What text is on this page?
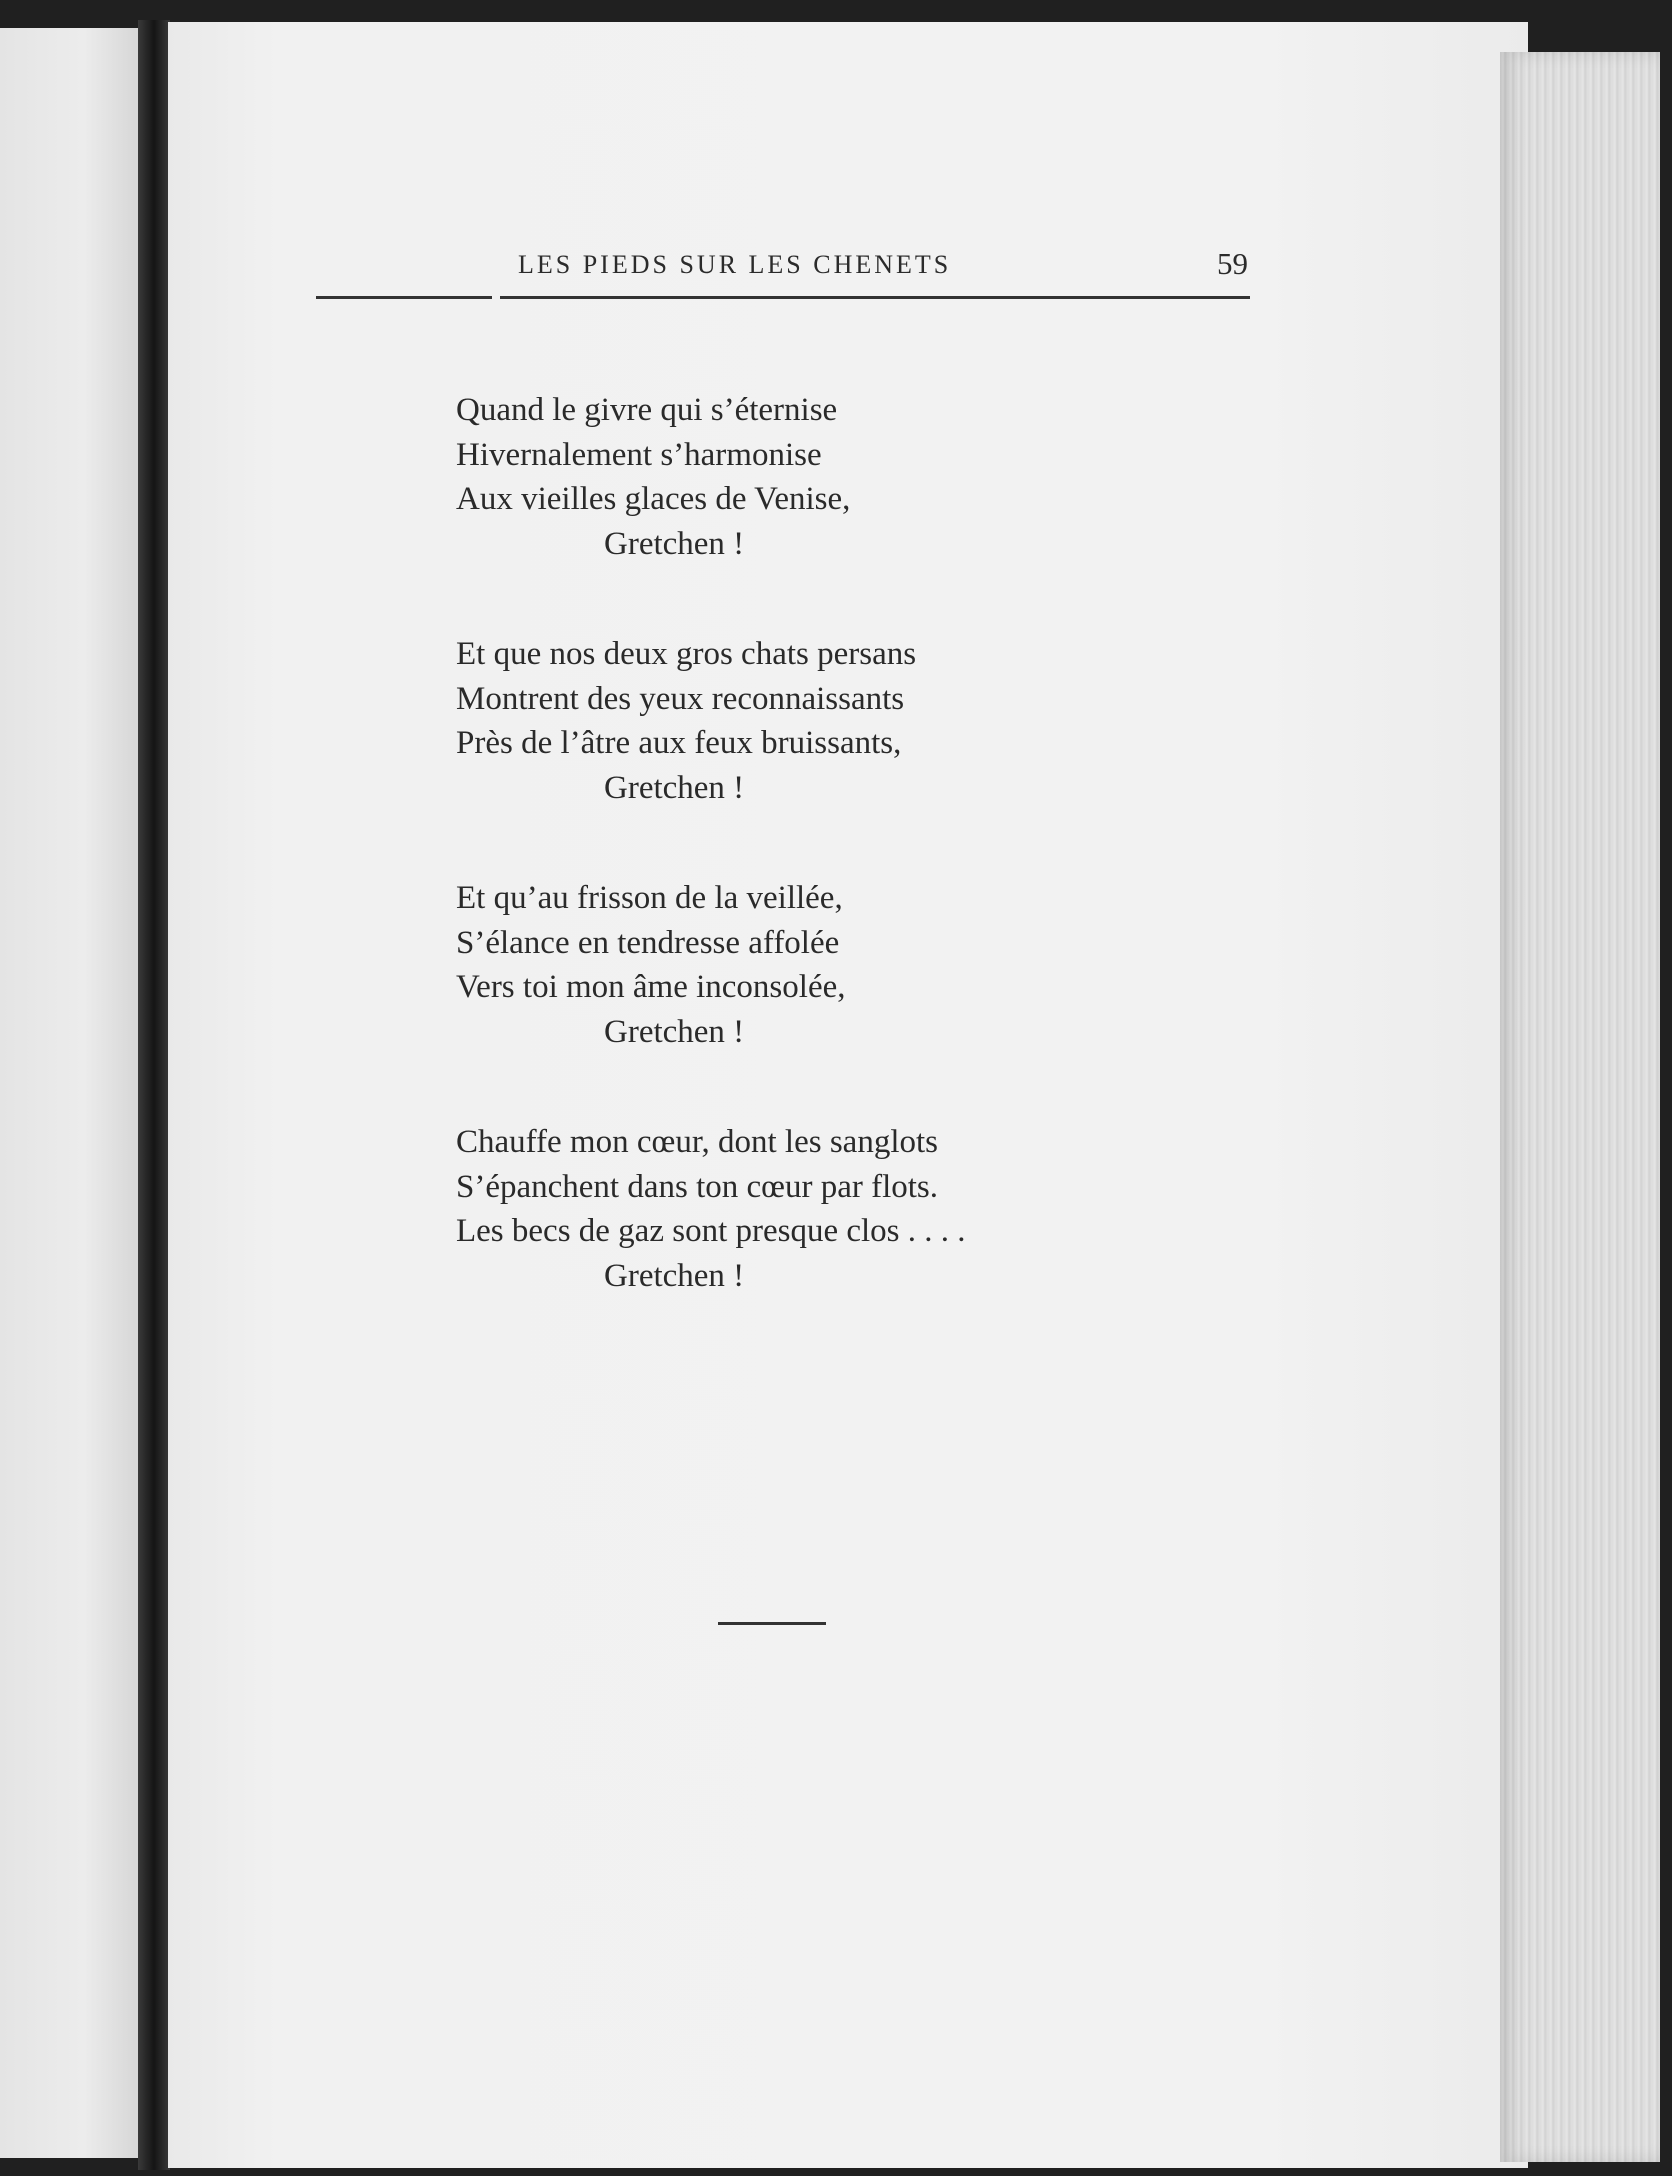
LES PIEDS SUR LES CHENETS	59
Quand le givre qui s’éternise
Hivernalement s’harmonise
Aux vieilles glaces de Venise,
Gretchen !
Et que nos deux gros chats persans
Montrent des yeux reconnaissants
Près de l’âtre aux feux bruissants,
Gretchen !
Et qu’au frisson de la veillée,
S’élance en tendresse affolée
Vers toi mon âme inconsolée,
Gretchen !
Chauffe mon cœur, dont les sanglots
S’épanchent dans ton cœur par flots.
Les becs de gaz sont presque clos . . . .
Gretchen !
